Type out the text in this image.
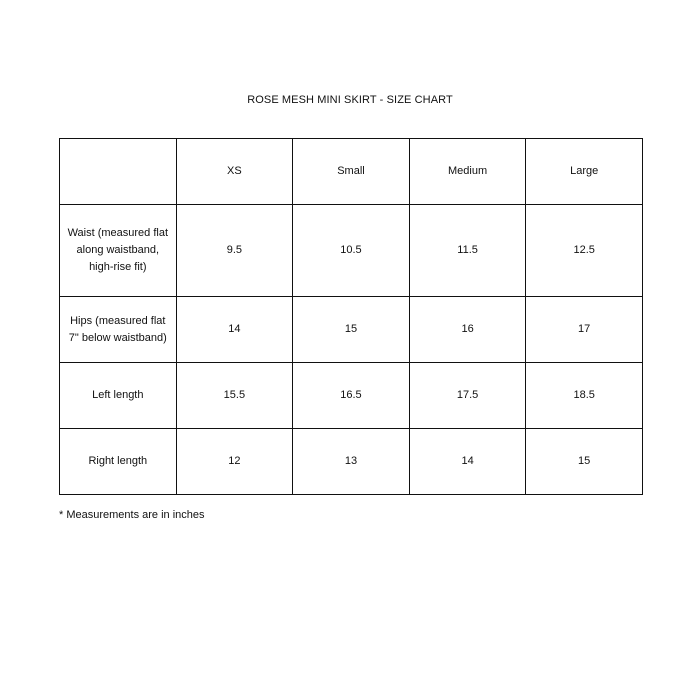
ROSE MESH MINI SKIRT - SIZE CHART
	XS	Small	Medium	Large
Waist (measured flat along waistband, high-rise fit)	9.5	10.5	11.5	12.5
Hips (measured flat 7" below waistband)	14	15	16	17
Left length	15.5	16.5	17.5	18.5
Right length	12	13	14	15
* Measurements are in inches
